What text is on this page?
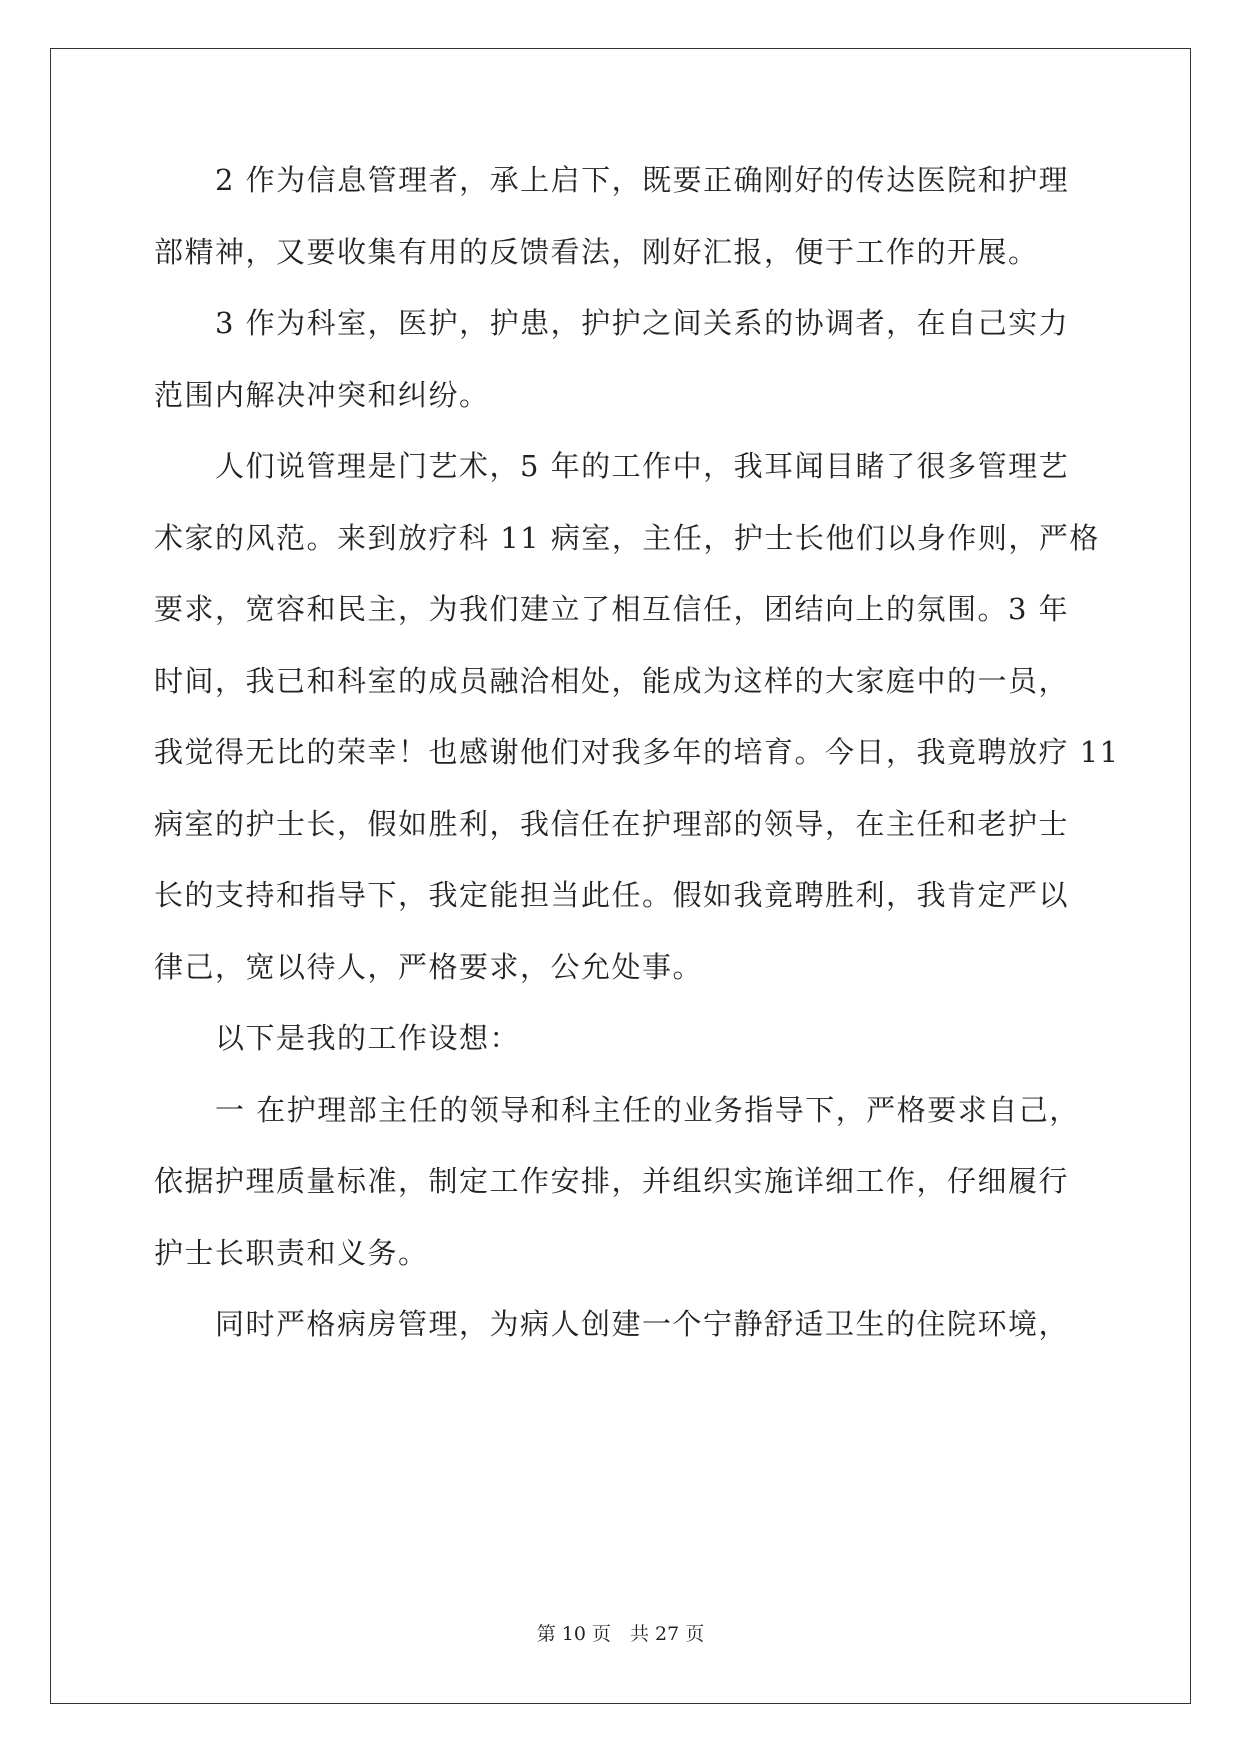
　　2 作为信息管理者，承上启下，既要正确刚好的传达医院和护理
部精神，又要收集有用的反馈看法，刚好汇报，便于工作的开展。
　　3 作为科室，医护，护患，护护之间关系的协调者，在自己实力
范围内解决冲突和纠纷。
　　人们说管理是门艺术，5 年的工作中，我耳闻目睹了很多管理艺
术家的风范。来到放疗科 11 病室，主任，护士长他们以身作则，严格
要求，宽容和民主，为我们建立了相互信任，团结向上的氛围。3 年
时间，我已和科室的成员融洽相处，能成为这样的大家庭中的一员，
我觉得无比的荣幸！也感谢他们对我多年的培育。今日，我竟聘放疗 11
病室的护士长，假如胜利，我信任在护理部的领导，在主任和老护士
长的支持和指导下，我定能担当此任。假如我竟聘胜利，我肯定严以
律己，宽以待人，严格要求，公允处事。
　　以下是我的工作设想：
　　一 在护理部主任的领导和科主任的业务指导下，严格要求自己，
依据护理质量标准，制定工作安排，并组织实施详细工作，仔细履行
护士长职责和义务。
　　同时严格病房管理，为病人创建一个宁静舒适卫生的住院环境，
第 10 页　共 27 页
